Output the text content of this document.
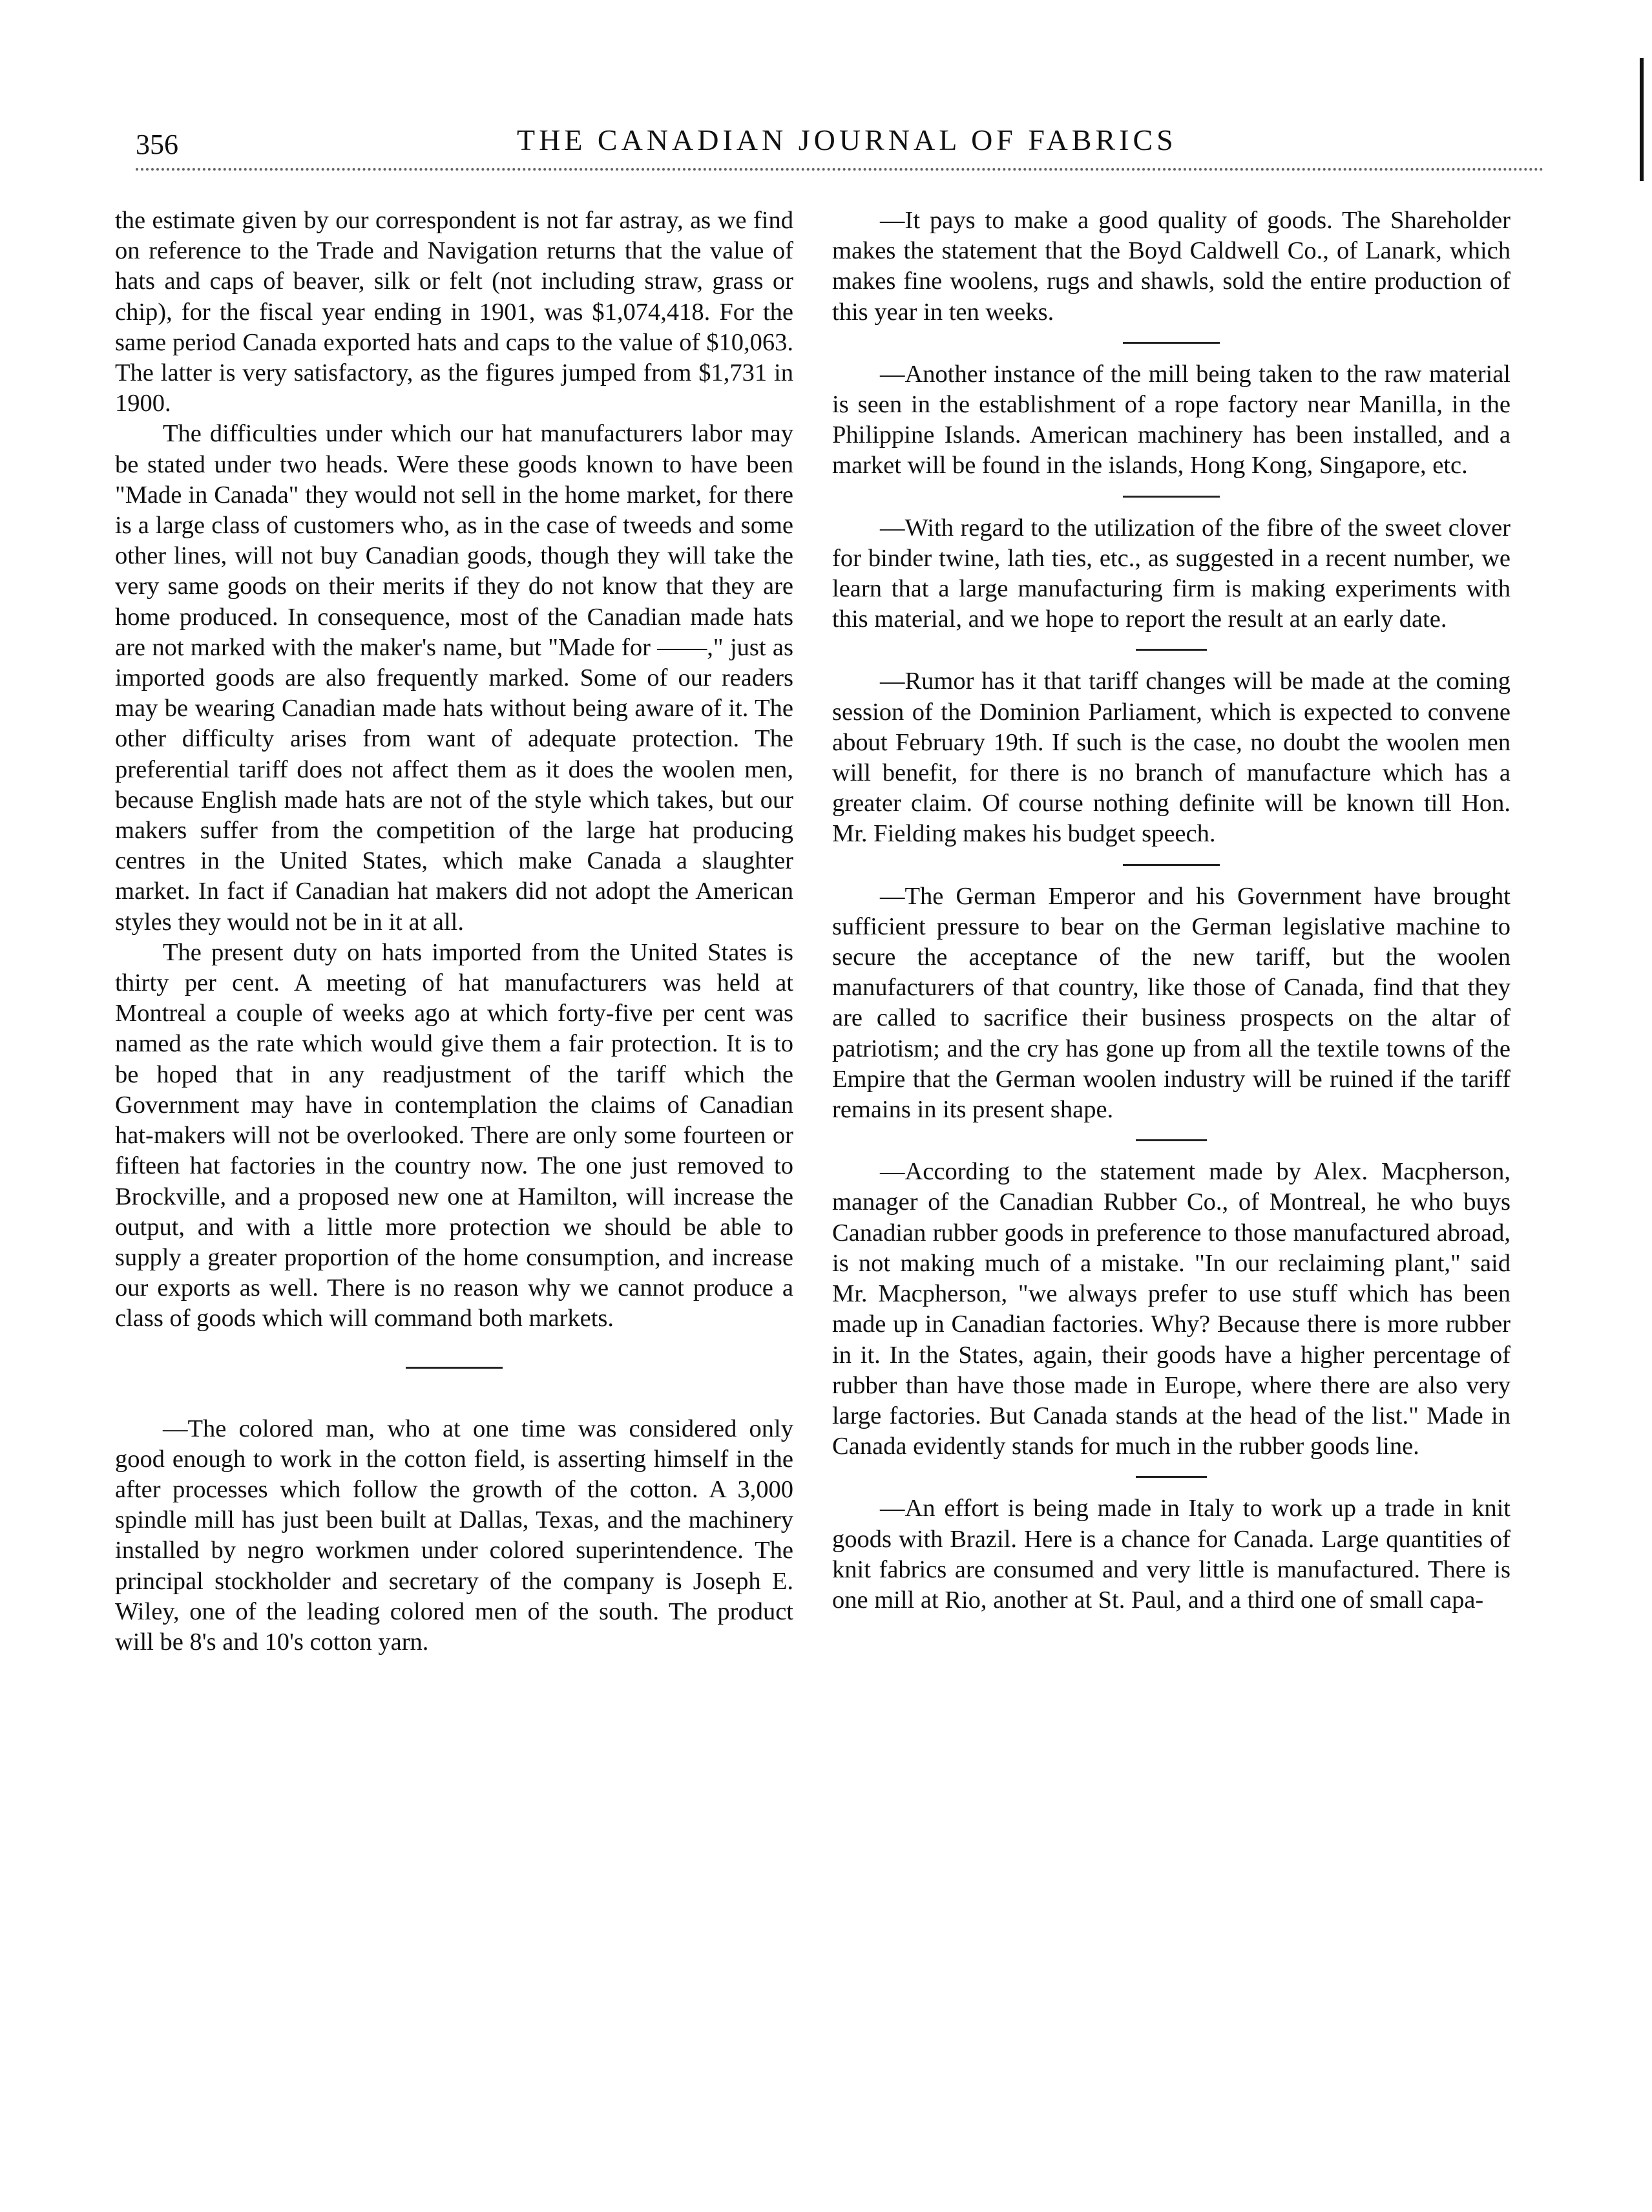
356	THE CANADIAN JOURNAL OF FABRICS

the estimate given by our correspondent is not far astray, as we find on reference to the Trade and Navigation returns that the value of hats and caps of beaver, silk or felt (not including straw, grass or chip), for the fiscal year ending in 1901, was $1,074,418. For the same period Canada exported hats and caps to the value of $10,063. The latter is very satisfactory, as the figures jumped from $1,731 in 1900.

The difficulties under which our hat manufacturers labor may be stated under two heads. Were these goods known to have been "Made in Canada" they would not sell in the home market, for there is a large class of customers who, as in the case of tweeds and some other lines, will not buy Canadian goods, though they will take the very same goods on their merits if they do not know that they are home produced. In consequence, most of the Canadian made hats are not marked with the maker's name, but "Made for ——," just as imported goods are also frequently marked. Some of our readers may be wearing Canadian made hats without being aware of it. The other difficulty arises from want of adequate protection. The preferential tariff does not affect them as it does the woolen men, because English made hats are not of the style which takes, but our makers suffer from the competition of the large hat producing centres in the United States, which make Canada a slaughter market. In fact if Canadian hat makers did not adopt the American styles they would not be in it at all.

The present duty on hats imported from the United States is thirty per cent. A meeting of hat manufacturers was held at Montreal a couple of weeks ago at which forty-five per cent was named as the rate which would give them a fair protection. It is to be hoped that in any readjustment of the tariff which the Government may have in contemplation the claims of Canadian hat-makers will not be overlooked. There are only some fourteen or fifteen hat factories in the country now. The one just removed to Brockville, and a proposed new one at Hamilton, will increase the output, and with a little more protection we should be able to supply a greater proportion of the home consumption, and increase our exports as well. There is no reason why we cannot produce a class of goods which will command both markets.

—The colored man, who at one time was considered only good enough to work in the cotton field, is asserting himself in the after processes which follow the growth of the cotton. A 3,000 spindle mill has just been built at Dallas, Texas, and the machinery installed by negro workmen under colored superintendence. The principal stockholder and secretary of the company is Joseph E. Wiley, one of the leading colored men of the south. The product will be 8's and 10's cotton yarn.

—It pays to make a good quality of goods. The Shareholder makes the statement that the Boyd Caldwell Co., of Lanark, which makes fine woolens, rugs and shawls, sold the entire production of this year in ten weeks.

—Another instance of the mill being taken to the raw material is seen in the establishment of a rope factory near Manilla, in the Philippine Islands. American machinery has been installed, and a market will be found in the islands, Hong Kong, Singapore, etc.

—With regard to the utilization of the fibre of the sweet clover for binder twine, lath ties, etc., as suggested in a recent number, we learn that a large manufacturing firm is making experiments with this material, and we hope to report the result at an early date.

—Rumor has it that tariff changes will be made at the coming session of the Dominion Parliament, which is expected to convene about February 19th. If such is the case, no doubt the woolen men will benefit, for there is no branch of manufacture which has a greater claim. Of course nothing definite will be known till Hon. Mr. Fielding makes his budget speech.

—The German Emperor and his Government have brought sufficient pressure to bear on the German legislative machine to secure the acceptance of the new tariff, but the woolen manufacturers of that country, like those of Canada, find that they are called to sacrifice their business prospects on the altar of patriotism; and the cry has gone up from all the textile towns of the Empire that the German woolen industry will be ruined if the tariff remains in its present shape.

—According to the statement made by Alex. Macpherson, manager of the Canadian Rubber Co., of Montreal, he who buys Canadian rubber goods in preference to those manufactured abroad, is not making much of a mistake. "In our reclaiming plant," said Mr. Macpherson, "we always prefer to use stuff which has been made up in Canadian factories. Why? Because there is more rubber in it. In the States, again, their goods have a higher percentage of rubber than have those made in Europe, where there are also very large factories. But Canada stands at the head of the list." Made in Canada evidently stands for much in the rubber goods line.

—An effort is being made in Italy to work up a trade in knit goods with Brazil. Here is a chance for Canada. Large quantities of knit fabrics are consumed and very little is manufactured. There is one mill at Rio, another at St. Paul, and a third one of small capa-
